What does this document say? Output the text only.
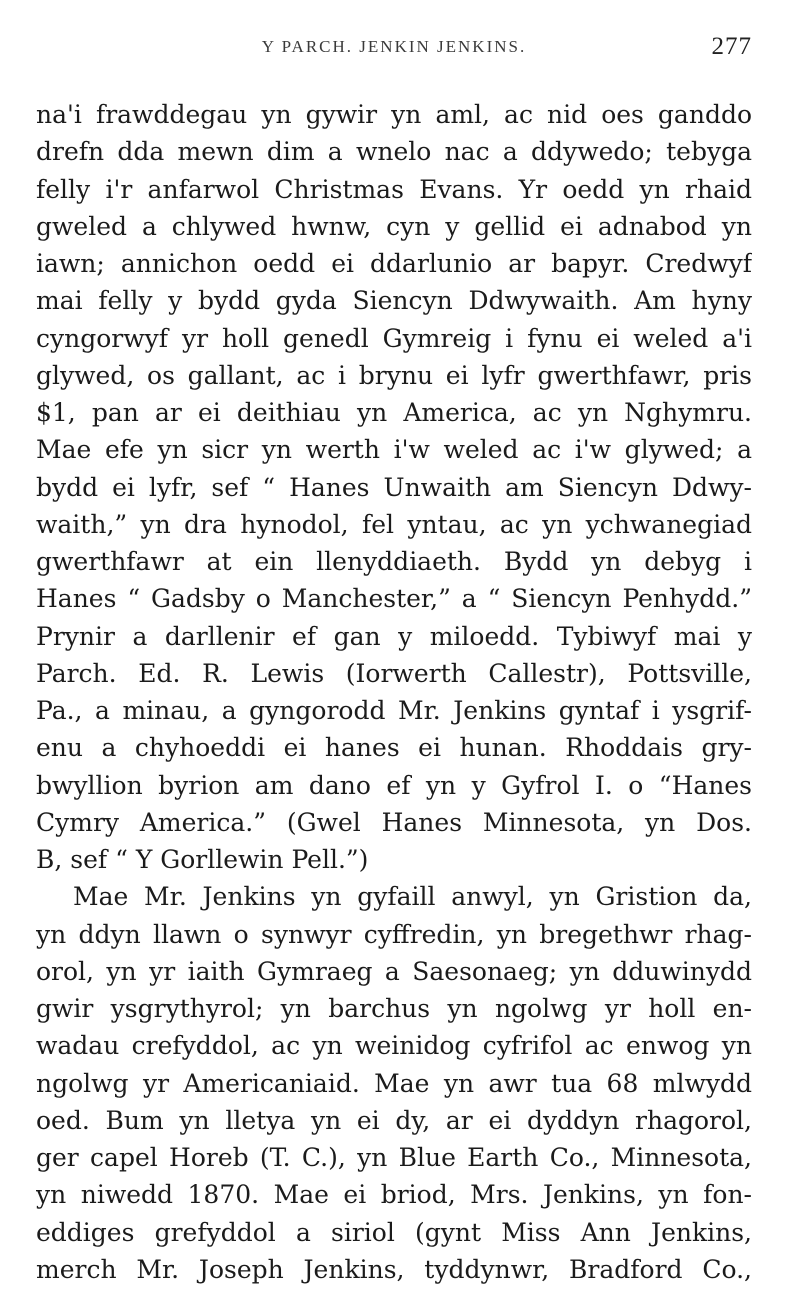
Y PARCH. JENKIN JENKINS.	277
na'i frawddegau yn gywir yn aml, ac nid oes ganddo
drefn dda mewn dim a wnelo nac a ddywedo; tebyga
felly i'r anfarwol Christmas Evans. Yr oedd yn rhaid
gweled a chlywed hwnw, cyn y gellid ei adnabod yn
iawn; annichon oedd ei ddarlunio ar bapyr. Credwyf
mai felly y bydd gyda Siencyn Ddwywaith. Am hyny
cyngorwyf yr holl genedl Gymreig i fynu ei weled a'i
glywed, os gallant, ac i brynu ei lyfr gwerthfawr, pris
$1, pan ar ei deithiau yn America, ac yn Nghymru.
Mae efe yn sicr yn werth i'w weled ac i'w glywed; a
bydd ei lyfr, sef “ Hanes Unwaith am Siencyn Ddwy-
waith,” yn dra hynodol, fel yntau, ac yn ychwanegiad
gwerthfawr at ein llenyddiaeth. Bydd yn debyg i
Hanes “ Gadsby o Manchester,” a “ Siencyn Penhydd.”
Prynir a darllenir ef gan y miloedd. Tybiwyf mai y
Parch. Ed. R. Lewis (Iorwerth Callestr), Pottsville,
Pa., a minau, a gyngorodd Mr. Jenkins gyntaf i ysgrif-
enu a chyhoeddi ei hanes ei hunan. Rhoddais gry-
bwyllion byrion am dano ef yn y Gyfrol I. o “Hanes
Cymry America.” (Gwel Hanes Minnesota, yn Dos.
B, sef “ Y Gorllewin Pell.”)
Mae Mr. Jenkins yn gyfaill anwyl, yn Gristion da,
yn ddyn llawn o synwyr cyffredin, yn bregethwr rhag-
orol, yn yr iaith Gymraeg a Saesonaeg; yn dduwinydd
gwir ysgrythyrol; yn barchus yn ngolwg yr holl en-
wadau crefyddol, ac yn weinidog cyfrifol ac enwog yn
ngolwg yr Americaniaid. Mae yn awr tua 68 mlwydd
oed. Bum yn lletya yn ei dy, ar ei dyddyn rhagorol,
ger capel Horeb (T. C.), yn Blue Earth Co., Minnesota,
yn niwedd 1870. Mae ei briod, Mrs. Jenkins, yn fon-
eddiges grefyddol a siriol (gynt Miss Ann Jenkins,
merch Mr. Joseph Jenkins, tyddynwr, Bradford Co.,
